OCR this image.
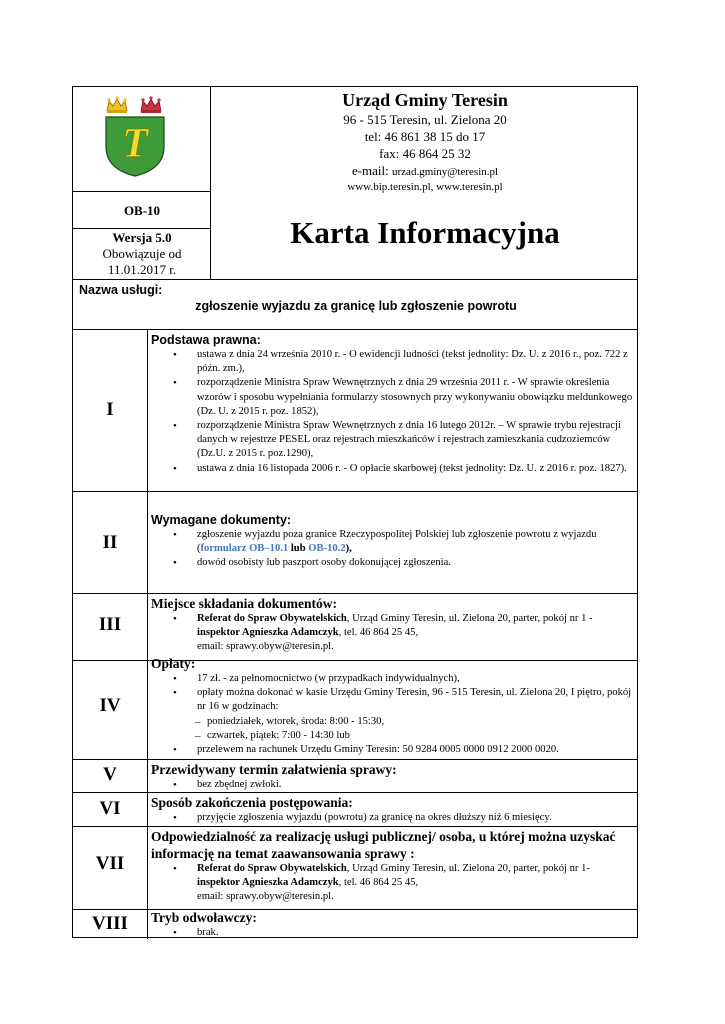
T
Urząd Gminy Teresin
96 - 515 Teresin, ul. Zielona 20
tel: 46 861 38 15 do 17
fax: 46 864 25 32
e-mail: urzad.gminy@teresin.pl
www.bip.teresin.pl, www.teresin.pl
OB-10
Wersja 5.0
Obowiązuje od
11.01.2017 r.
Karta Informacyjna
Nazwa usługi:
zgłoszenie wyjazdu za granicę lub zgłoszenie powrotu
I
Podstawa prawna:
• ustawa z dnia 24 września 2010 r. - O ewidencji ludności (tekst jednolity: Dz. U. z 2016 r., poz. 722 z późn. zm.),
• rozporządzenie Ministra Spraw Wewnętrznych z dnia 29 września 2011 r. - W sprawie określenia wzorów i sposobu wypełniania formularzy stosownych przy wykonywaniu obowiązku meldunkowego (Dz. U. z 2015 r. poz. 1852),
• rozporządzenie Ministra Spraw Wewnętrznych z dnia 16 lutego 2012r. – W sprawie trybu rejestracji danych w rejestrze PESEL oraz rejestrach mieszkańców i rejestrach zamieszkania cudzoziemców (Dz.U. z 2015 r. poz.1290),
• ustawa z dnia 16 listopada 2006 r. - O opłacie skarbowej (tekst jednolity: Dz. U. z 2016 r. poz. 1827).
II
Wymagane dokumenty:
• zgłoszenie wyjazdu poza granice Rzeczypospolitej Polskiej lub zgłoszenie powrotu z wyjazdu (formularz OB–10.1 lub OB-10.2),
• dowód osobisty lub paszport osoby dokonującej zgłoszenia.
III
Miejsce składania dokumentów:
• Referat do Spraw Obywatelskich, Urząd Gminy Teresin, ul. Zielona 20, parter, pokój nr 1 - inspektor Agnieszka Adamczyk, tel. 46 864 25 45,
email: sprawy.obyw@teresin.pl.
IV
Opłaty:
• 17 zł. - za pełnomocnictwo (w przypadkach indywidualnych),
• opłaty można dokonać w kasie Urzędu Gminy Teresin, 96 - 515 Teresin, ul. Zielona 20, I piętro, pokój nr 16 w godzinach:
– poniedziałek, wtorek, środa: 8:00 - 15:30,
– czwartek, piątek: 7:00 - 14:30 lub
• przelewem na rachunek Urzędu Gminy Teresin: 50 9284 0005 0000 0912 2000 0020.
V	Przewidywany termin załatwienia sprawy:
• bez zbędnej zwłoki.
VI	Sposób zakończenia postępowania:
• przyjęcie zgłoszenia wyjazdu (powrotu) za granicę na okres dłuższy niż 6 miesięcy.
VII
Odpowiedzialność za realizację usługi publicznej/ osoba, u której można uzyskać informację na temat zaawansowania sprawy :
• Referat do Spraw Obywatelskich, Urząd Gminy Teresin, ul. Zielona 20, parter, pokój nr 1- inspektor Agnieszka Adamczyk, tel. 46 864 25 45,
email: sprawy.obyw@teresin.pl.
VIII	Tryb odwoławczy:
• brak.
